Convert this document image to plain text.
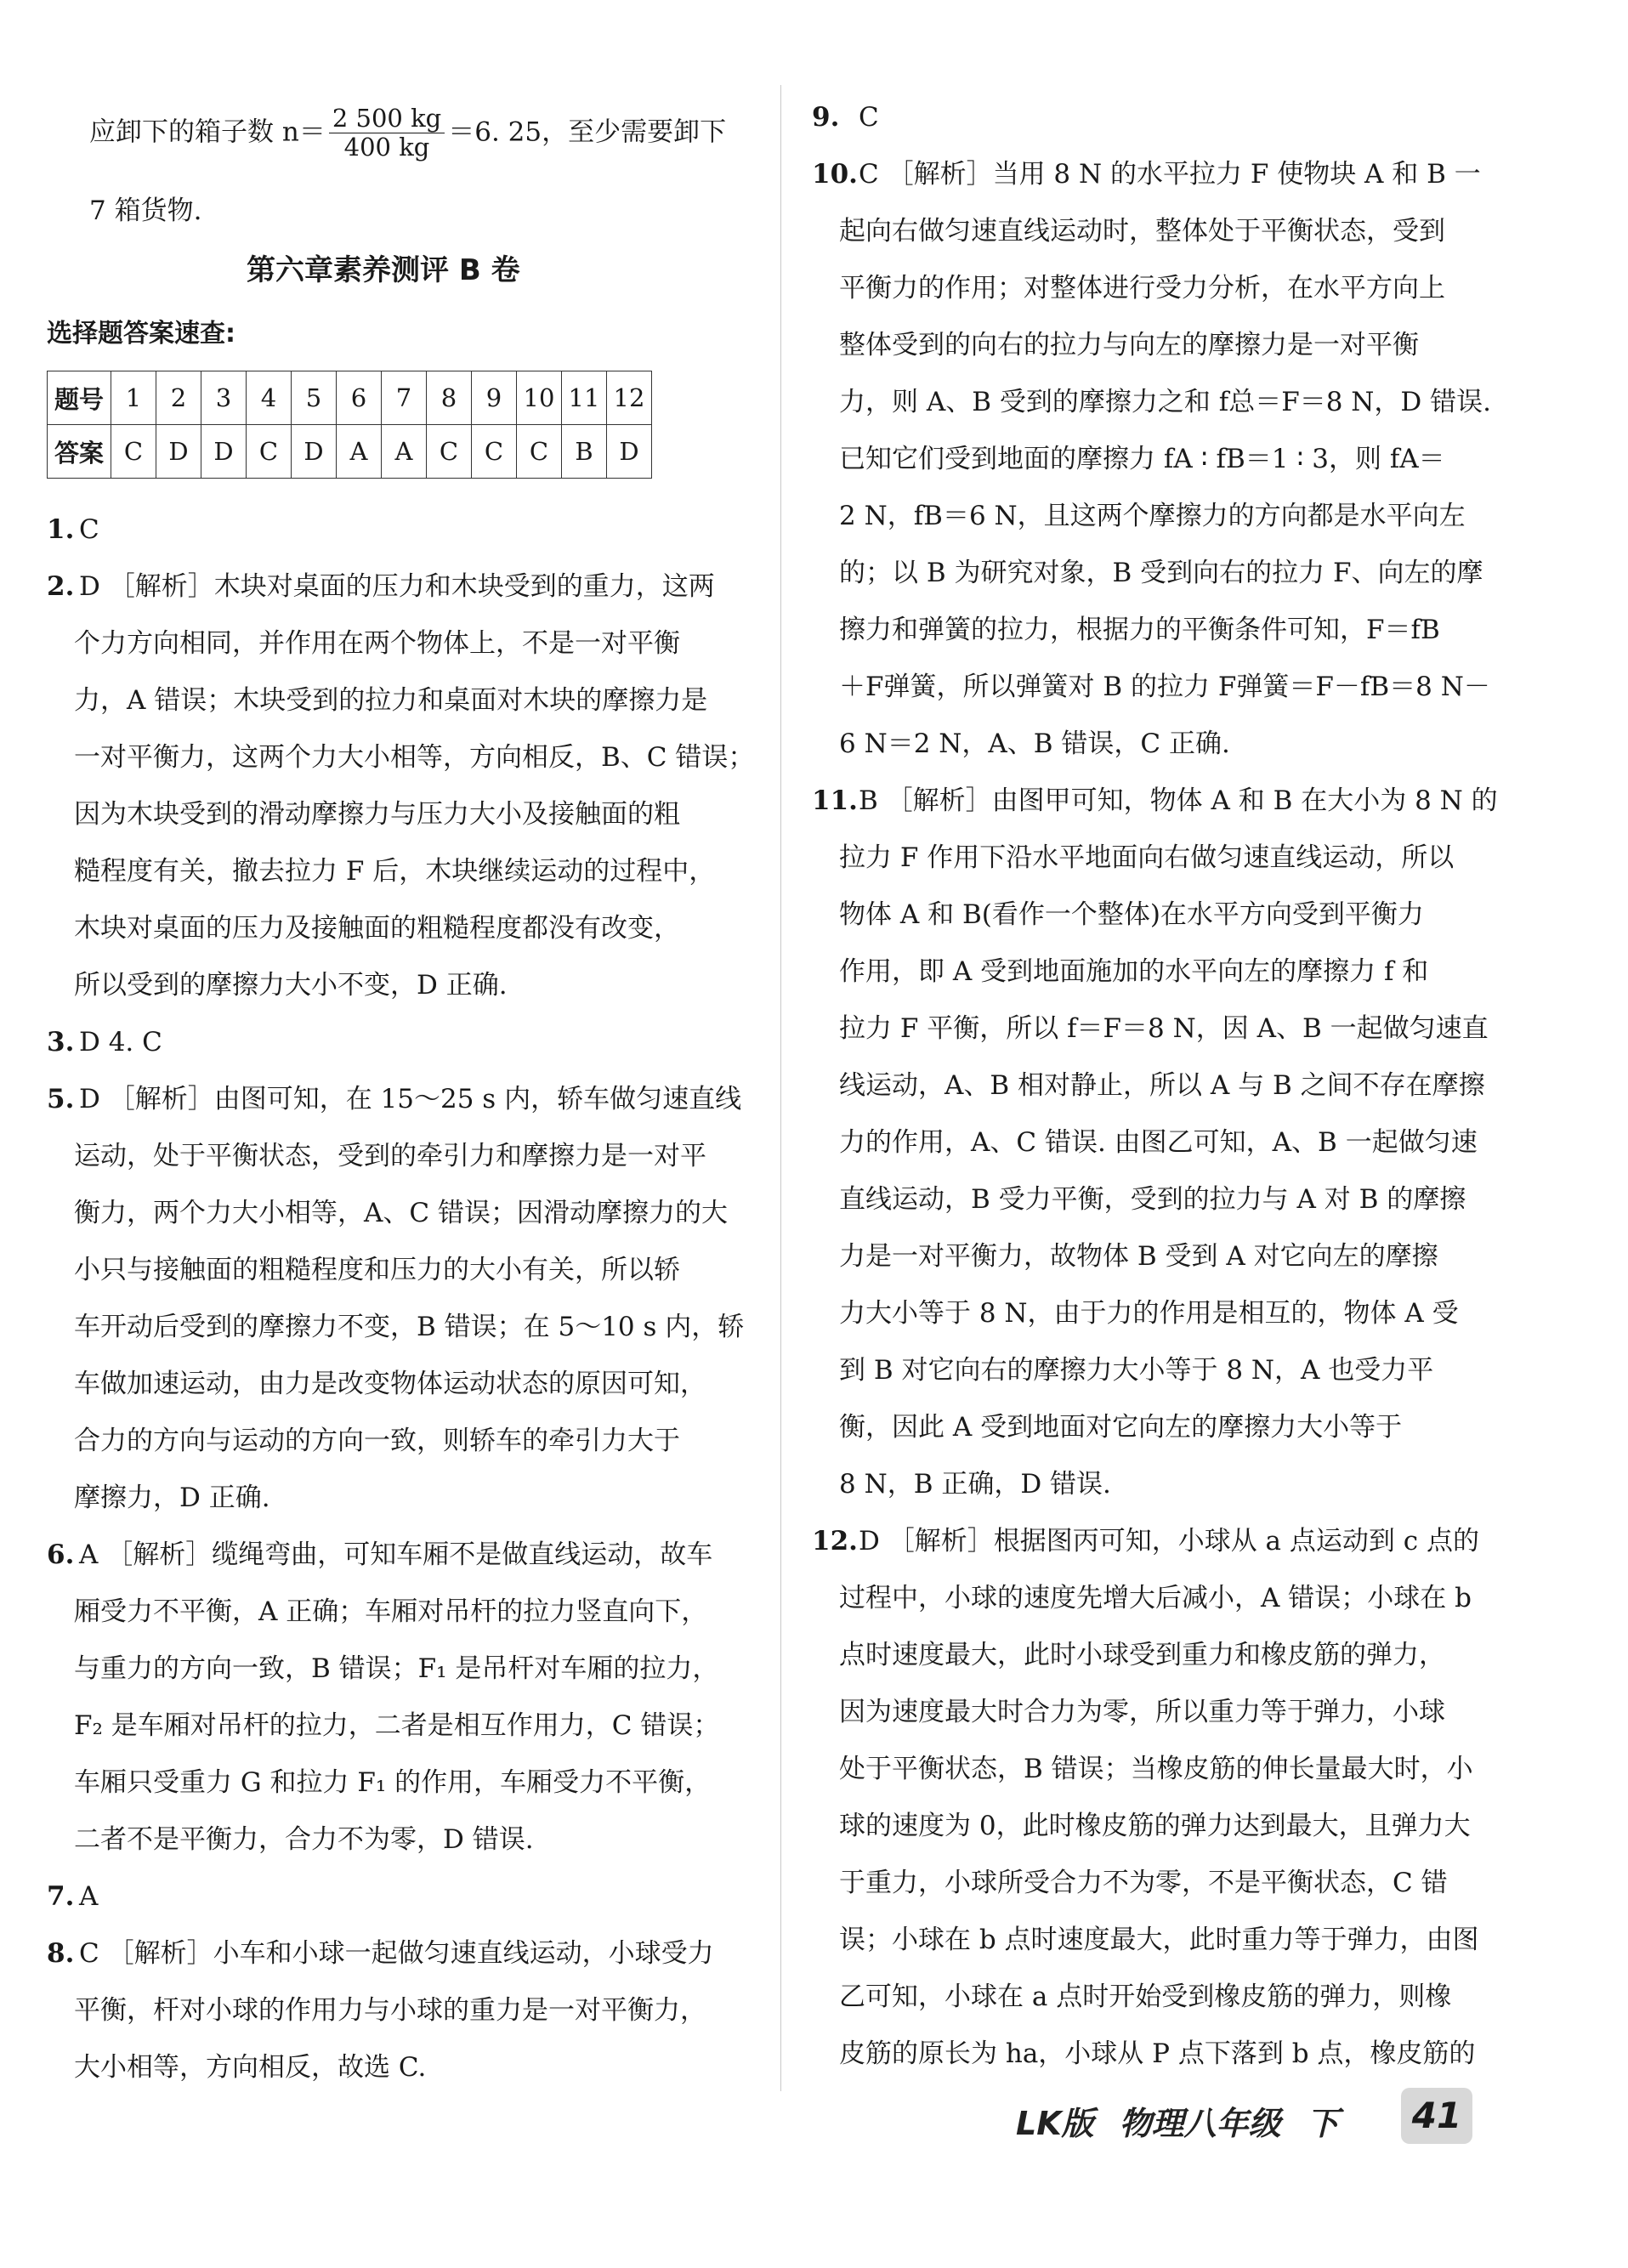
应卸下的箱子数 $n= \frac{2 500 kg}{400 kg} =6$. 25，至少需要卸下
7 箱货物.
第六章素养测评 B 卷
选择题答案速查:
题号	1	2	3	4	5	6	7	8	9	10	11	12
答案	C	D	D	C	D	A	A	C	C	C	B	D
1. C
2. D ［解析］木块对桌面的压力和木块受到的重力，这两
个力方向相同，并作用在两个物体上，不是一对平衡
力，A 错误；木块受到的拉力和桌面对木块的摩擦力是
一对平衡力，这两个力大小相等，方向相反，B、C 错误；
因为木块受到的滑动摩擦力与压力大小及接触面的粗
糙程度有关，撤去拉力 F 后，木块继续运动的过程中，
木块对桌面的压力及接触面的粗糙程度都没有改变，
所以受到的摩擦力大小不变，D 正确.
3. D 4. C
5. D ［解析］由图可知，在 15～25 s 内，轿车做匀速直线
运动，处于平衡状态，受到的牵引力和摩擦力是一对平
衡力，两个力大小相等，A、C 错误；因滑动摩擦力的大
小只与接触面的粗糙程度和压力的大小有关，所以轿
车开动后受到的摩擦力不变，B 错误；在 5～10 s 内，轿
车做加速运动，由力是改变物体运动状态的原因可知，
合力的方向与运动的方向一致，则轿车的牵引力大于
摩擦力，D 正确.
6. A ［解析］缆绳弯曲，可知车厢不是做直线运动，故车
厢受力不平衡，A 正确；车厢对吊杆的拉力竖直向下，
与重力的方向一致，B 错误；F₁ 是吊杆对车厢的拉力，
F₂ 是车厢对吊杆的拉力，二者是相互作用力，C 错误；
车厢只受重力 G 和拉力 F₁ 的作用，车厢受力不平衡，
二者不是平衡力，合力不为零，D 错误.
7. A
8. C ［解析］小车和小球一起做匀速直线运动，小球受力
平衡，杆对小球的作用力与小球的重力是一对平衡力，
大小相等，方向相反，故选 C.
9. C
10. C ［解析］当用 8 N 的水平拉力 F 使物块 A 和 B 一
起向右做匀速直线运动时，整体处于平衡状态，受到
平衡力的作用；对整体进行受力分析，在水平方向上
整体受到的向右的拉力与向左的摩擦力是一对平衡
力，则 A、B 受到的摩擦力之和 f总＝F＝8 N，D 错误.
已知它们受到地面的摩擦力 fA ∶ fB＝1 ∶ 3，则 fA＝
2 N，fB＝6 N，且这两个摩擦力的方向都是水平向左
的；以 B 为研究对象，B 受到向右的拉力 F、向左的摩
擦力和弹簧的拉力，根据力的平衡条件可知，F＝fB
＋F弹簧，所以弹簧对 B 的拉力 F弹簧＝F－fB＝8 N－
6 N＝2 N，A、B 错误，C 正确.
11. B ［解析］由图甲可知，物体 A 和 B 在大小为 8 N 的
拉力 F 作用下沿水平地面向右做匀速直线运动，所以
物体 A 和 B(看作一个整体)在水平方向受到平衡力
作用，即 A 受到地面施加的水平向左的摩擦力 f 和
拉力 F 平衡，所以 f＝F＝8 N，因 A、B 一起做匀速直
线运动，A、B 相对静止，所以 A 与 B 之间不存在摩擦
力的作用，A、C 错误. 由图乙可知，A、B 一起做匀速
直线运动，B 受力平衡，受到的拉力与 A 对 B 的摩擦
力是一对平衡力，故物体 B 受到 A 对它向左的摩擦
力大小等于 8 N，由于力的作用是相互的，物体 A 受
到 B 对它向右的摩擦力大小等于 8 N，A 也受力平
衡，因此 A 受到地面对它向左的摩擦力大小等于
8 N，B 正确，D 错误.
12. D ［解析］根据图丙可知，小球从 a 点运动到 c 点的
过程中，小球的速度先增大后减小，A 错误；小球在 b
点时速度最大，此时小球受到重力和橡皮筋的弹力，
因为速度最大时合力为零，所以重力等于弹力，小球
处于平衡状态，B 错误；当橡皮筋的伸长量最大时，小
球的速度为 0，此时橡皮筋的弹力达到最大，且弹力大
于重力，小球所受合力不为零，不是平衡状态，C 错
误；小球在 b 点时速度最大，此时重力等于弹力，由图
乙可知，小球在 a 点时开始受到橡皮筋的弹力，则橡
皮筋的原长为 ha，小球从 P 点下落到 b 点，橡皮筋的
LK版 物理八年级 下	41
